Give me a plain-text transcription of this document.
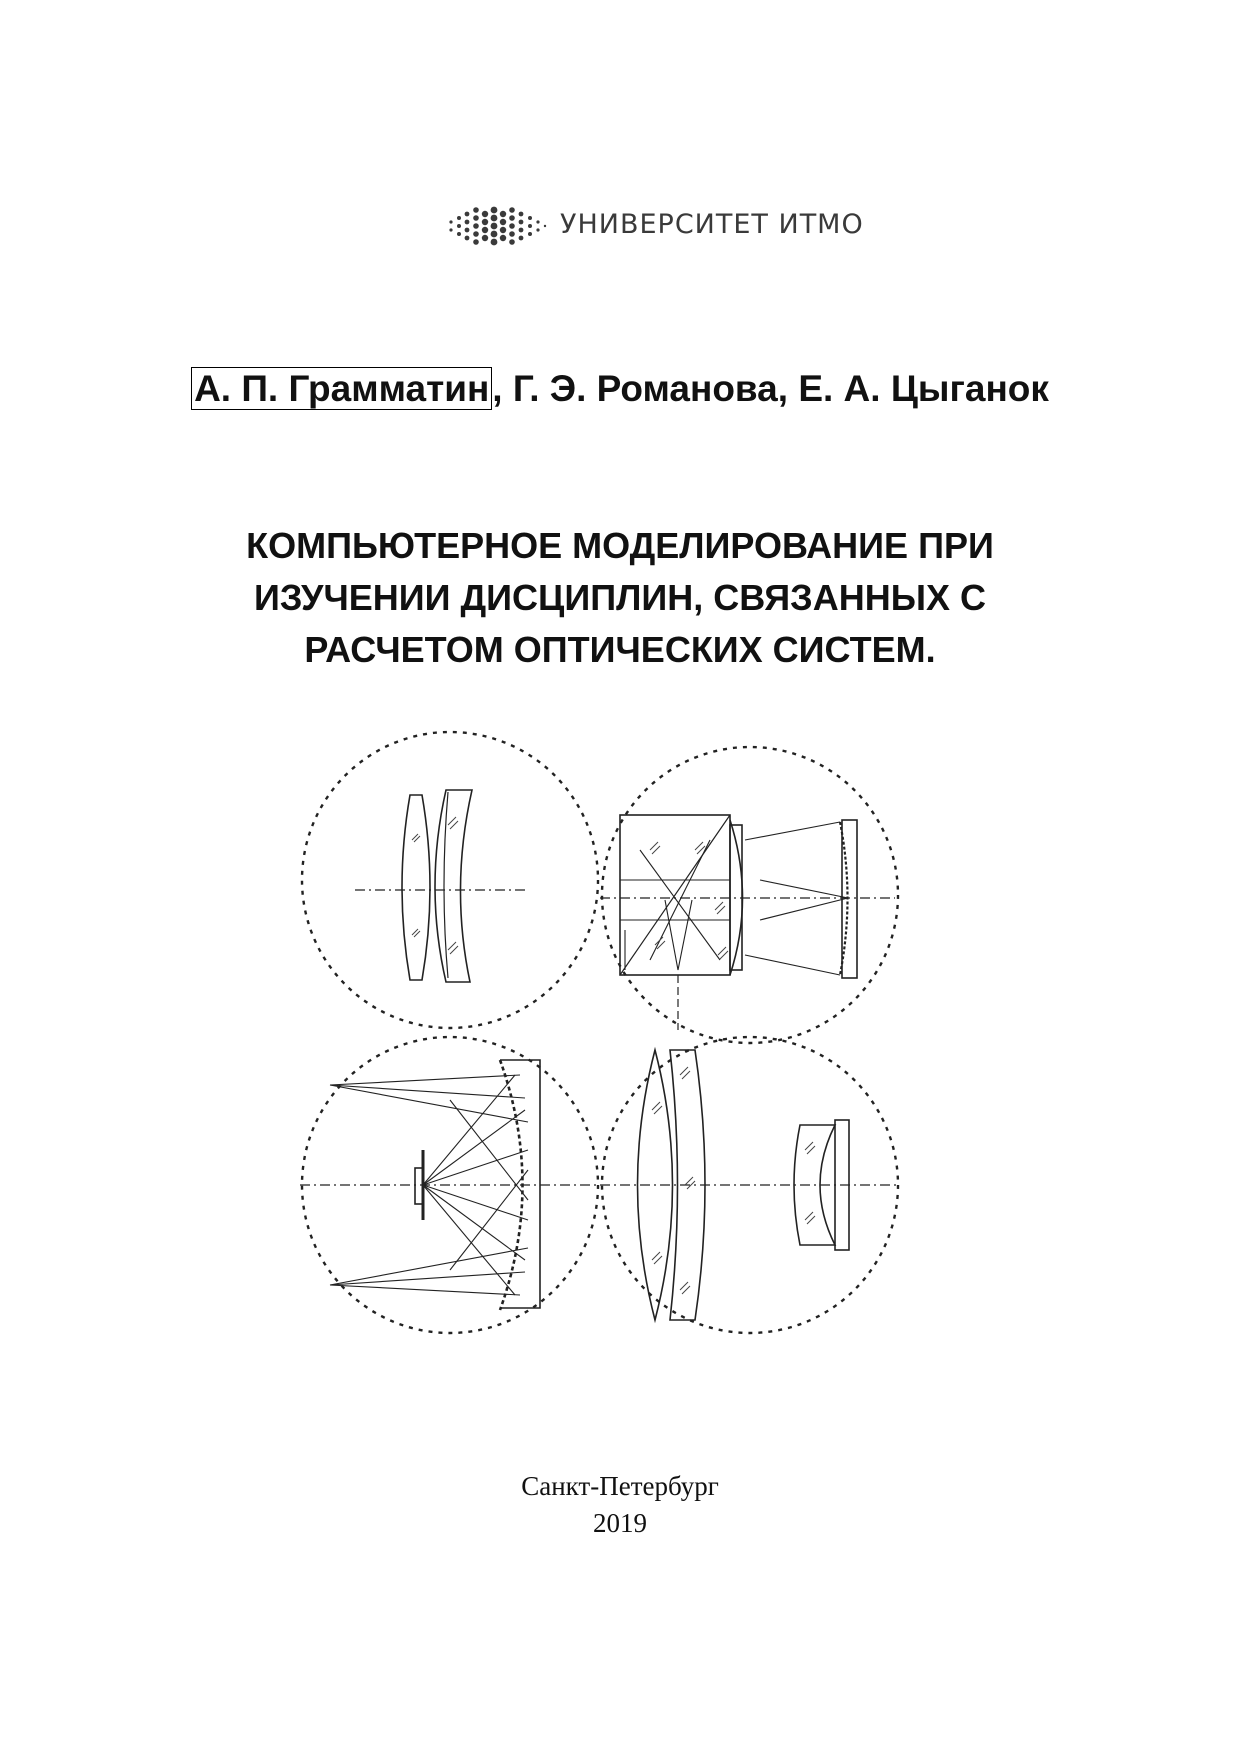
УНИВЕРСИТЕТ ИТМО
А. П. Грамматин, Г. Э. Романова, Е. А. Цыганок
КОМПЬЮТЕРНОЕ МОДЕЛИРОВАНИЕ ПРИ
ИЗУЧЕНИИ ДИСЦИПЛИН, СВЯЗАННЫХ С
РАСЧЕТОМ ОПТИЧЕСКИХ СИСТЕМ.
Санкт-Петербург
2019
